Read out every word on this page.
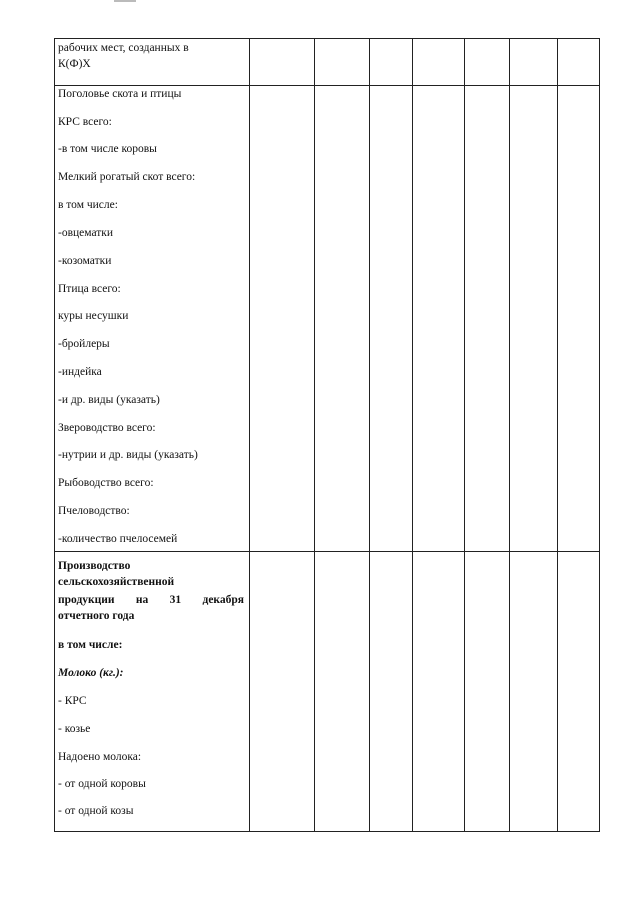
рабочих мест, созданных в
К(Ф)Х
Поголовье скота и птицы
КРС всего:
-в том числе коровы
Мелкий рогатый скот всего:
в том числе:
-овцематки
-козоматки
Птица всего:
куры несушки
-бройлеры
-индейка
-и др. виды (указать)
Звероводство всего:
-нутрии и др. виды (указать)
Рыбоводство всего:
Пчеловодство:
-количество пчелосемей
Производство
сельскохозяйственной
продукции на 31 декабря
отчетного года
в том числе:
Молоко (кг.):
- КРС
- козье
Надоено молока:
- от одной коровы
- от одной козы
